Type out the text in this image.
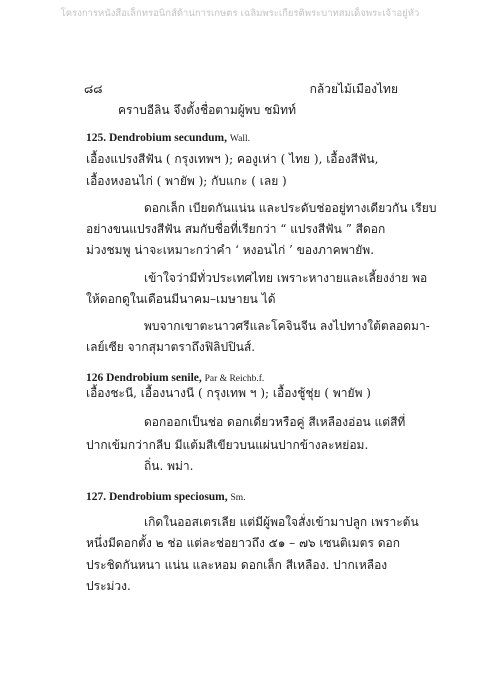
โครงการหนังสือเล็กทรอนิกส์ด้านการเกษตร เฉลิมพระเกียรติพระบาทสมเด็จพระเจ้าอยู่หัว
๘๘	กล้วยไม้เมืองไทย
คราบอีลิน จึงตั้งชื่อตามผู้พบ ชมิทท์
125. Dendrobium secundum, Wall.
เอื้องแปรงสีฟัน ( กรุงเทพฯ ); คองูเห่า ( ไทย ), เอื้องสีฟัน,
เอื้องหงอนไก่ ( พายัพ ); กับแกะ ( เลย )
ดอกเล็ก เบียดกันแน่น และประดับช่ออยู่ทางเดียวกัน เรียบ
อย่างขนแปรงสีฟัน สมกับชื่อที่เรียกว่า “ แปรงสีฟัน ” สีดอก
ม่วงชมพู น่าจะเหมาะกว่าคำ ‘ หงอนไก่ ’ ของภาคพายัพ.
เข้าใจว่ามีทั่วประเทศไทย เพราะหางายและเลี้ยงง่าย พอ
ให้ดอกดูในเดือนมีนาคม–เมษายน ได้
พบจากเขาตะนาวศรีและโคจินจีน ลงไปทางใต้ตลอดมา-
เลย์เซีย จากสุมาตราถึงฟิลิปปินส์.
126 Dendrobium senile, Par & Reichb.f.
เอื้องชะนี, เอื้องนางนี ( กรุงเทพ ฯ ); เอื้องชู้ชุ่ย ( พายัพ )
ดอกออกเป็นช่อ ดอกเดี่ยวหรือคู่ สีเหลืองอ่อน แต่สีที่
ปากเข้มกว่ากลีบ มีแต้มสีเขียวบนแผ่นปากข้างละหย่อม.
ถิ่น. พม่า.
127. Dendrobium speciosum, Sm.
เกิดในออสเตรเลีย แต่มีผู้พอใจสั่งเข้ามาปลูก เพราะต้น
หนึ่งมีดอกตั้ง ๒ ช่อ แต่ละช่อยาวถึง ๕๑ – ๗๖ เซนติเมตร ดอก
ประชิดกันหนา แน่น และหอม ดอกเล็ก สีเหลือง. ปากเหลือง
ประม่วง.
